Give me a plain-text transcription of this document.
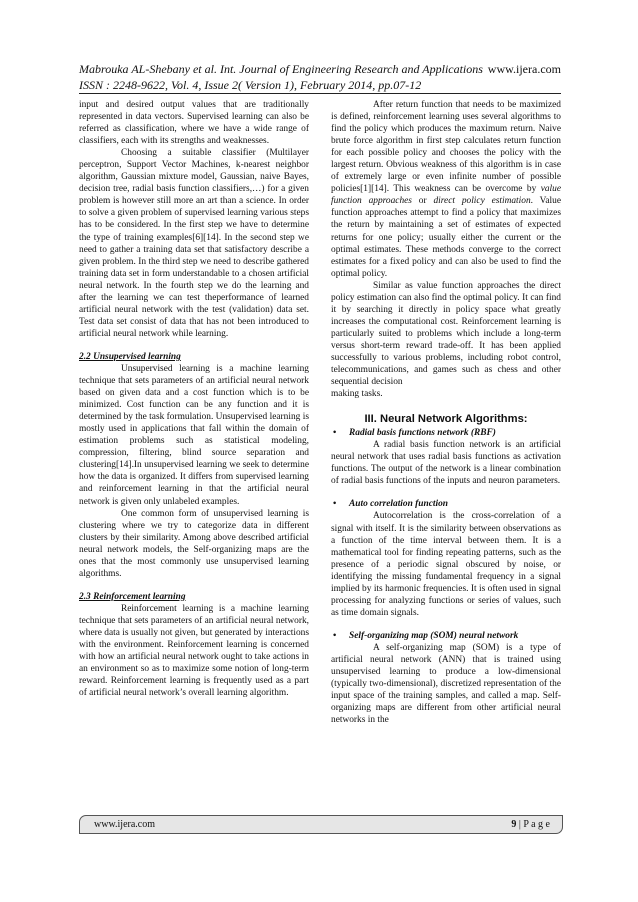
Mabrouka AL-Shebany et al. Int. Journal of Engineering Research and Applications www.ijera.com
ISSN : 2248-9622, Vol. 4, Issue 2( Version 1), February 2014, pp.07-12

input and desired output values that are traditionally represented in data vectors. Supervised learning can also be referred as classification, where we have a wide range of classifiers, each with its strengths and weaknesses.

Choosing a suitable classifier (Multilayer perceptron, Support Vector Machines, k-nearest neighbor algorithm, Gaussian mixture model, Gaussian, naive Bayes, decision tree, radial basis function classifiers,…) for a given problem is however still more an art than a science. In order to solve a given problem of supervised learning various steps has to be considered. In the first step we have to determine the type of training examples[6][14]. In the second step we need to gather a training data set that satisfactory describe a given problem. In the third step we need to describe gathered training data set in form understandable to a chosen artificial neural network. In the fourth step we do the learning and after the learning we can test theperformance of learned artificial neural network with the test (validation) data set. Test data set consist of data that has not been introduced to artificial neural network while learning.

2.2 Unsupervised learning

Unsupervised learning is a machine learning technique that sets parameters of an artificial neural network based on given data and a cost function which is to be minimized. Cost function can be any function and it is determined by the task formulation. Unsupervised learning is mostly used in applications that fall within the domain of estimation problems such as statistical modeling, compression, filtering, blind source separation and clustering[14].In unsupervised learning we seek to determine how the data is organized. It differs from supervised learning and reinforcement learning in that the artificial neural network is given only unlabeled examples.

One common form of unsupervised learning is clustering where we try to categorize data in different clusters by their similarity. Among above described artificial neural network models, the Self-organizing maps are the ones that the most commonly use unsupervised learning algorithms.

2.3 Reinforcement learning

Reinforcement learning is a machine learning technique that sets parameters of an artificial neural network, where data is usually not given, but generated by interactions with the environment. Reinforcement learning is concerned with how an artificial neural network ought to take actions in an environment so as to maximize some notion of long-term reward. Reinforcement learning is frequently used as a part of artificial neural network’s overall learning algorithm.

After return function that needs to be maximized is defined, reinforcement learning uses several algorithms to find the policy which produces the maximum return. Naive brute force algorithm in first step calculates return function for each possible policy and chooses the policy with the largest return. Obvious weakness of this algorithm is in case of extremely large or even infinite number of possible policies[1][14]. This weakness can be overcome by value function approaches or direct policy estimation. Value function approaches attempt to find a policy that maximizes the return by maintaining a set of estimates of expected returns for one policy; usually either the current or the optimal estimates. These methods converge to the correct estimates for a fixed policy and can also be used to find the optimal policy.

Similar as value function approaches the direct policy estimation can also find the optimal policy. It can find it by searching it directly in policy space what greatly increases the computational cost. Reinforcement learning is particularly suited to problems which include a long-term versus short-term reward trade-off. It has been applied successfully to various problems, including robot control, telecommunications, and games such as chess and other sequential decision

making tasks.

III. Neural Network Algorithms:

• Radial basis functions network (RBF)

A radial basis function network is an artificial neural network that uses radial basis functions as activation functions. The output of the network is a linear combination of radial basis functions of the inputs and neuron parameters.

• Auto correlation function

Autocorrelation is the cross-correlation of a signal with itself. It is the similarity between observations as a function of the time interval between them. It is a mathematical tool for finding repeating patterns, such as the presence of a periodic signal obscured by noise, or identifying the missing fundamental frequency in a signal implied by its harmonic frequencies. It is often used in signal processing for analyzing functions or series of values, such as time domain signals.

• Self-organizing map (SOM) neural network

A self-organizing map (SOM) is a type of artificial neural network (ANN) that is trained using unsupervised learning to produce a low-dimensional (typically two-dimensional), discretized representation of the input space of the training samples, and called a map. Self-organizing maps are different from other artificial neural networks in the

www.ijera.com	9 | P a g e
